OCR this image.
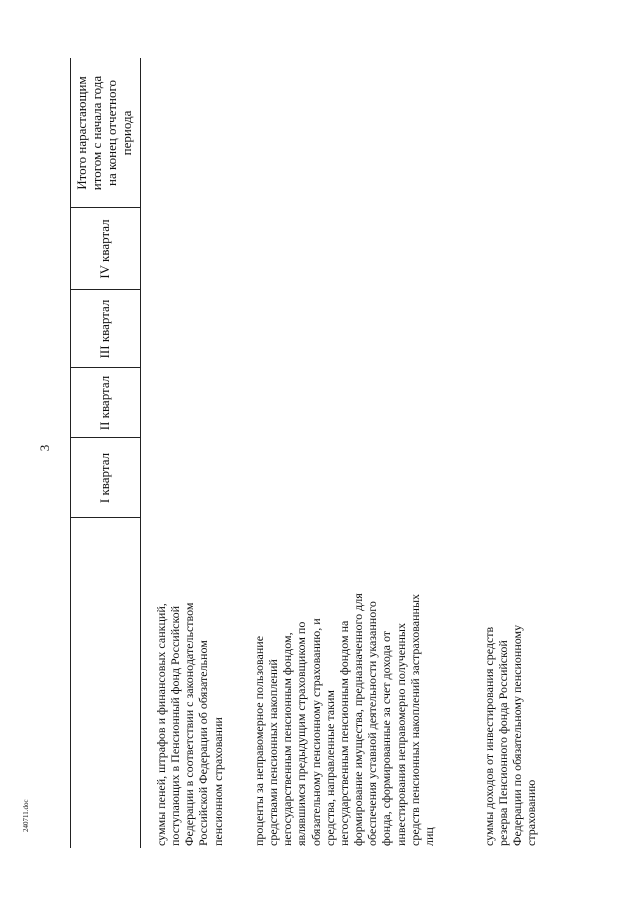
3
240711.doc
I квартал
II квартал
III квартал
IV квартал
Итого нарастающим итогом с начала года на конец отчетного периода
суммы пеней, штрафов и финансовых санкций, поступающих в Пенсионный фонд Российской Федерации в соответствии с законодательством Российской Федерации об обязательном пенсионном страховании проценты за неправомерное пользование средствами пенсионных накоплений негосударственным пенсионным фондом, являвшимся предыдущим страховщиком по обязательному пенсионному страхованию, и средства, направленные таким негосударственным пенсионным фондом на формирование имущества, предназначенного для обеспечения уставной деятельности указанного фонда, сформированные за счет дохода от инвестирования неправомерно полученных средств пенсионных накоплений застрахованных лиц	суммы доходов от инвестирования средств резерва Пенсионного фонда Российской Федерации по обязательному пенсионному страхованию
